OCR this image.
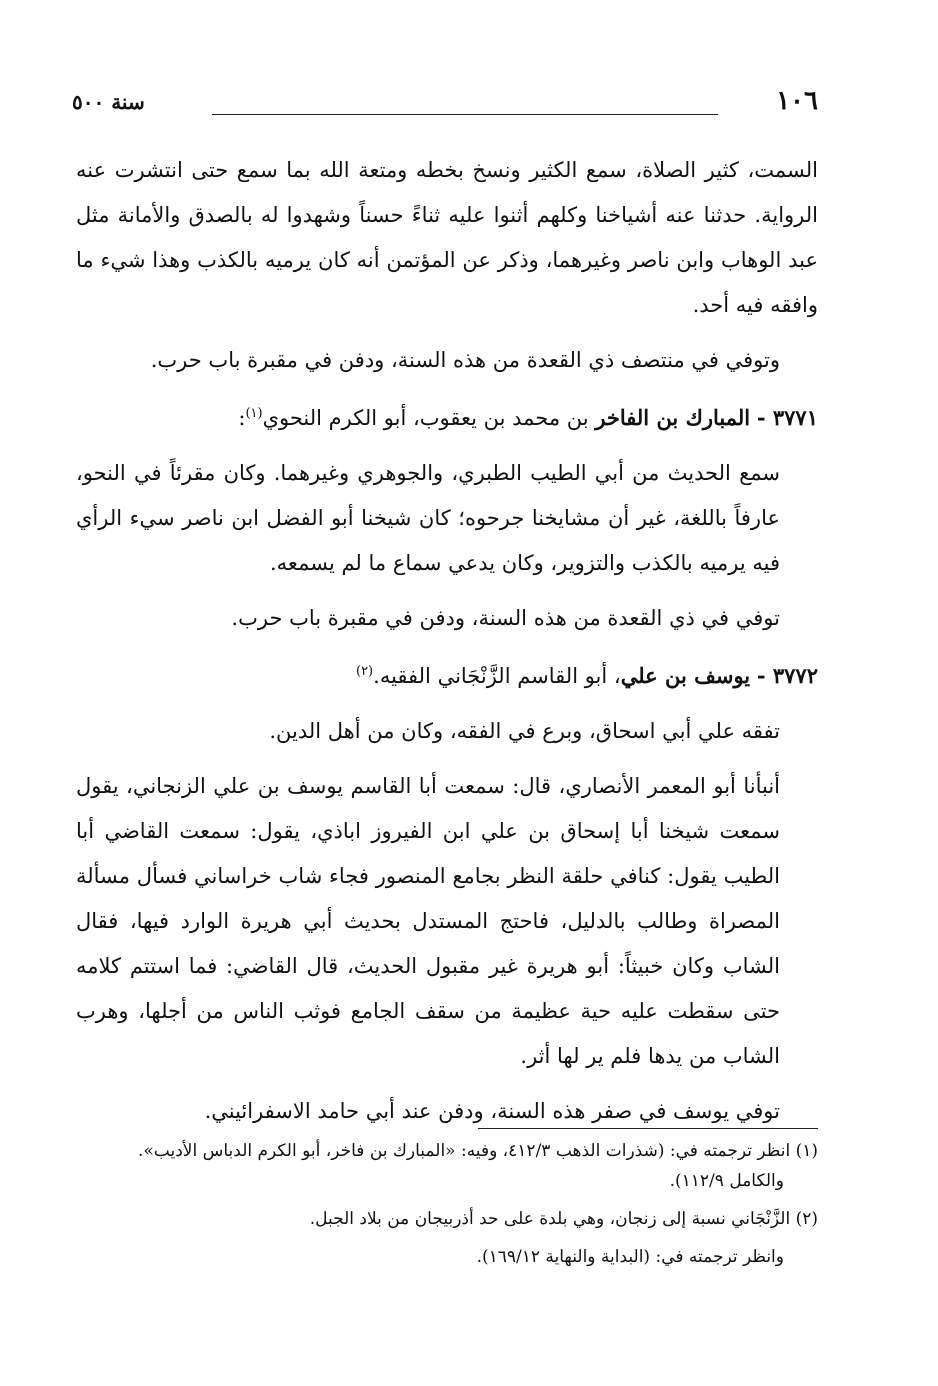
١٠٦
سنة ٥٠٠

السمت، كثير الصلاة، سمع الكثير ونسخ بخطه ومتعة الله بما سمع حتى انتشرت عنه الرواية. حدثنا عنه أشياخنا وكلهم أثنوا عليه ثناءً حسناً وشهدوا له بالصدق والأمانة مثل عبد الوهاب وابن ناصر وغيرهما، وذكر عن المؤتمن أنه كان يرميه بالكذب وهذا شيء ما وافقه فيه أحد.

وتوفي في منتصف ذي القعدة من هذه السنة، ودفن في مقبرة باب حرب.

٣٧٧١ - المبارك بن الفاخر بن محمد بن يعقوب، أبو الكرم النحوي$^{(١)}$:

سمع الحديث من أبي الطيب الطبري، والجوهري وغيرهما. وكان مقرئاً في النحو، عارفاً باللغة، غير أن مشايخنا جرحوه؛ كان شيخنا أبو الفضل ابن ناصر سيء الرأي فيه يرميه بالكذب والتزوير، وكان يدعي سماع ما لم يسمعه.

توفي في ذي القعدة من هذه السنة، ودفن في مقبرة باب حرب.

٣٧٧٢ - يوسف بن علي، أبو القاسم الزَّنْجَاني الفقيه.$^{(٢)}$

تفقه علي أبي اسحاق، وبرع في الفقه، وكان من أهل الدين.

أنبأنا أبو المعمر الأنصاري، قال: سمعت أبا القاسم يوسف بن علي الزنجاني، يقول سمعت شيخنا أبا إسحاق بن علي ابن الفيروز اباذي، يقول: سمعت القاضي أبا الطيب يقول: كنافي حلقة النظر بجامع المنصور فجاء شاب خراساني فسأل مسألة المصراة وطالب بالدليل، فاحتج المستدل بحديث أبي هريرة الوارد فيها، فقال الشاب وكان خبيثاً: أبو هريرة غير مقبول الحديث، قال القاضي: فما استتم كلامه حتى سقطت عليه حية عظيمة من سقف الجامع فوثب الناس من أجلها، وهرب الشاب من يدها فلم ير لها أثر.

توفي يوسف في صفر هذه السنة، ودفن عند أبي حامد الاسفرائيني.

(١) انظر ترجمته في: (شذرات الذهب ٤١٢/٣، وفيه: «المبارك بن فاخر، أبو الكرم الدباس الأديب».

والكامل ١١٢/٩).

(٢) الزَّنْجَاني نسبة إلى زنجان، وهي بلدة على حد أذربيجان من بلاد الجبل.

وانظر ترجمته في: (البداية والنهاية ١٦٩/١٢).
